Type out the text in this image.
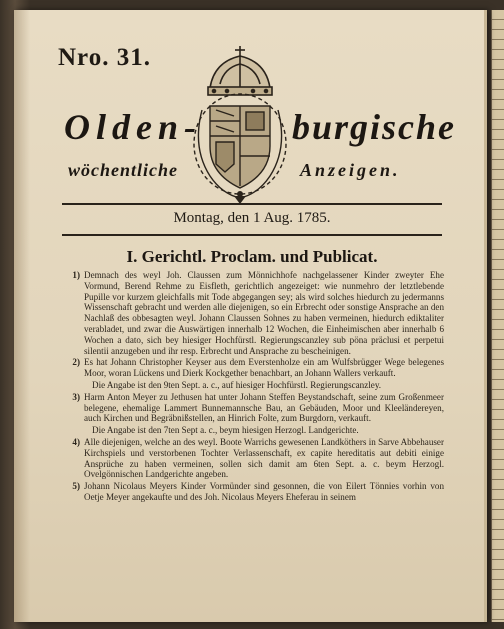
Nro. 31.
Olden-	burgische
wöchentliche	Anzeigen.
Montag, den 1 Aug. 1785.
I. Gerichtl. Proclam. und Publicat.
1) Demnach des weyl Joh. Claussen zum Mönnichhofe nachgelassener Kinder zweyter Ehe Vormund, Berend Rehme zu Eisfleth, gerichtlich angezeiget: wie nunmehro der letztlebende Pupille vor kurzem gleichfalls mit Tode abgegangen sey; als wird solches hiedurch zu jedermanns Wissenschaft gebracht und werden alle diejenigen, so ein Erbrecht oder sonstige Ansprache an den Nachlaß des obbesagten weyl. Johann Claussen Sohnes zu haben vermeinen, hiedurch ediktaliter verabladet, und zwar die Auswärtigen innerhalb 12 Wochen, die Einheimischen aber innerhalb 6 Wochen a dato, sich bey hiesiger Hochfürstl. Regierungscanzley sub pöna präclusi et perpetui silentii anzugeben und ihr resp. Erbrecht und Ansprache zu bescheinigen.
2) Es hat Johann Christopher Keyser aus dem Everstenholze ein am Wulfsbrügger Wege belegenes Moor, woran Lückens und Dierk Kockgether benachbart, an Johann Wallers verkauft.
Die Angabe ist den 9ten Sept. a. c., auf hiesiger Hochfürstl. Regierungscanzley.
3) Harm Anton Meyer zu Jethusen hat unter Johann Steffen Beystandschaft, seine zum Großenmeer belegene, ehemalige Lammert Bunnemannsche Bau, an Gebäuden, Moor und Kleeländereyen, auch Kirchen und Begräbnißstellen, an Hinrich Folte, zum Burgdorn, verkauft.
Die Angabe ist den 7ten Sept a. c., beym hiesigen Herzogl. Landgerichte.
4) Alle diejenigen, welche an des weyl. Boote Warrichs gewesenen Landköthers in Sarve Abbehauser Kirchspiels und verstorbenen Tochter Verlassenschaft, ex capite hereditatis aut debiti einige Ansprüche zu haben vermeinen, sollen sich damit am 6ten Sept. a. c. beym Herzogl. Ovelgönnischen Landgerichte angeben.
5) Johann Nicolaus Meyers Kinder Vormünder sind gesonnen, die von Eilert Tönnies vorhin von Oetje Meyer angekaufte und des Joh. Nicolaus Meyers Eheferau in seinem
